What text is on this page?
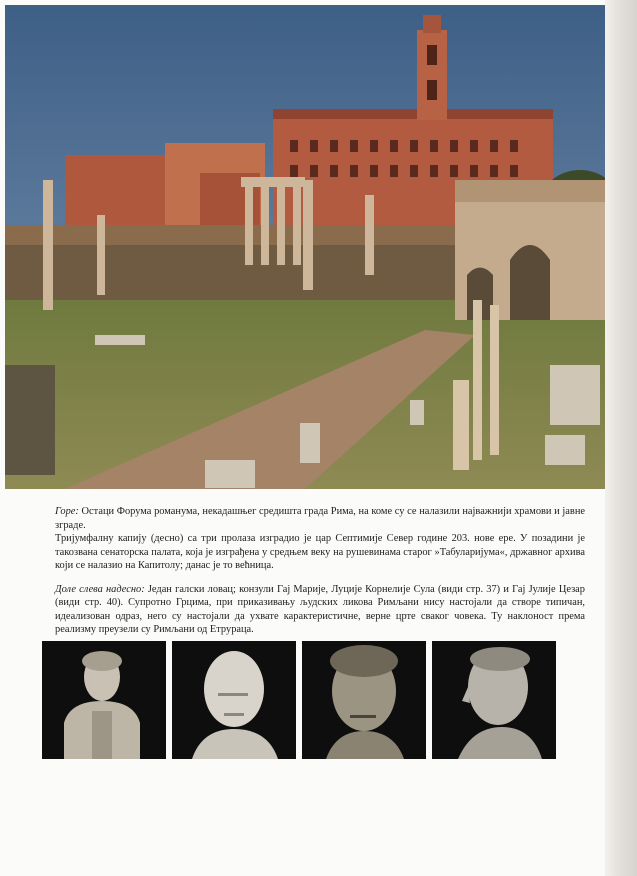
Горе: Остаци Форума романума, некадашњег средишта града Рима, на коме су се налазили најважнији храмови и јавне зграде.

Тријумфалну капију (десно) са три пролаза изградио је цар Септимије Север године 203. нове ере. У позадини је такозвана сенаторска палата, која је изграђена у средњем веку на рушевинама старог »Табуларијума«, државног архива који се налазио на Капитолу; данас је то већница.

Доле слева надесно: Један галски ловац; конзули Гај Марије, Луције Корнелије Сула (види стр. 37) и Гај Јулије Цезар (види стр. 40). Супротно Грцима, при приказивању људских ликова Римљани нису настојали да створе типичан, идеализован одраз, него су настојали да ухвате карактеристичне, верне црте сваког човека. Ту наклоност према реализму преузели су Римљани од Етрураца.
